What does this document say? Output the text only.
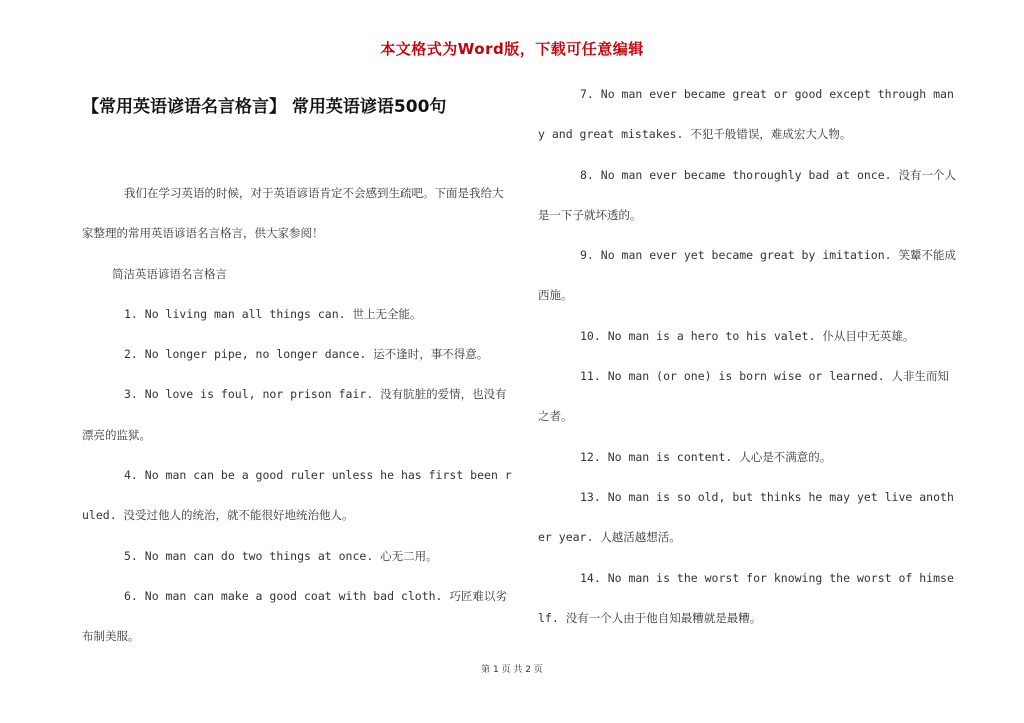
本文格式为Word版，下载可任意编辑
【常用英语谚语名言格言】 常用英语谚语500句

我们在学习英语的时候，对于英语谚语肯定不会感到生疏吧。下面是我给大家整理的常用英语谚语名言格言，供大家参阅！

简洁英语谚语名言格言

1. No living man all things can. 世上无全能。

2. No longer pipe, no longer dance. 运不逢时，事不得意。

3. No love is foul, nor prison fair. 没有肮脏的爱情，也没有漂亮的监狱。

4. No man can be a good ruler unless he has first been ruled. 没受过他人的统治，就不能很好地统治他人。

5. No man can do two things at once. 心无二用。

6. No man can make a good coat with bad cloth. 巧匠难以劣布制美服。

7. No man ever became great or good except through many and great mistakes. 不犯千般错误，难成宏大人物。

8. No man ever became thoroughly bad at once. 没有一个人是一下子就坏透的。

9. No man ever yet became great by imitation. 笑颦不能成西施。

10. No man is a hero to his valet. 仆从目中无英雄。

11. No man (or one) is born wise or learned. 人非生而知之者。

12. No man is content. 人心是不满意的。

13. No man is so old, but thinks he may yet live another year. 人越活越想活。

14. No man is the worst for knowing the worst of himself. 没有一个人由于他自知最糟就是最糟。

第 1 页 共 2 页
